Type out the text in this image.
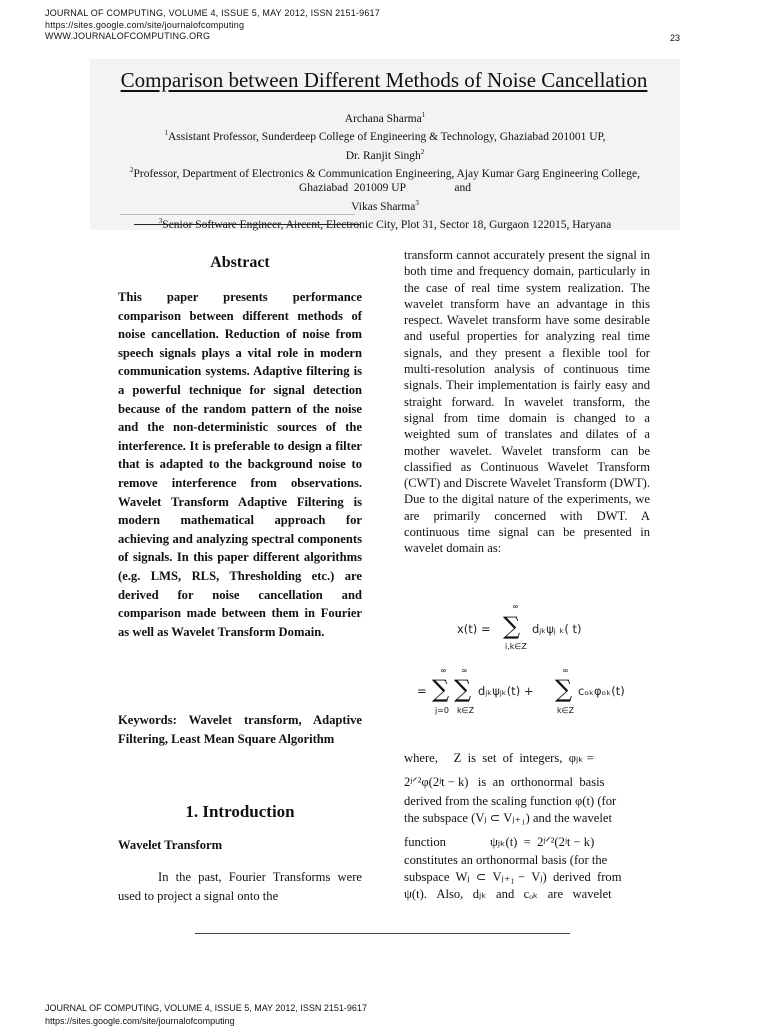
JOURNAL OF COMPUTING, VOLUME 4, ISSUE 5, MAY 2012, ISSN 2151-9617
https://sites.google.com/site/journalofcomputing
WWW.JOURNALOFCOMPUTING.ORG	23
Comparison between Different Methods of Noise Cancellation
Archana Sharma$^1$
$^1$Assistant Professor, Sunderdeep College of Engineering & Technology, Ghaziabad 201001 UP,
Dr. Ranjit Singh$^2$
$^2$Professor, Department of Electronics & Communication Engineering, Ajay Kumar Garg Engineering College,
Ghaziabad  201009 UP                 and
Vikas Sharma$^3$
$^3$Senior Software Engineer, Aircent, Electronic City, Plot 31, Sector 18, Gurgaon 122015, Haryana
Abstract
This paper presents performance comparison between different methods of noise cancellation. Reduction of noise from speech signals plays a vital role in modern communication systems. Adaptive filtering is a powerful technique for signal detection because of the random pattern of the noise and the non-deterministic sources of the interference. It is preferable to design a filter that is adapted to the background noise to remove interference from observations. Wavelet Transform Adaptive Filtering is modern mathematical approach for achieving and analyzing spectral components of signals. In this paper different algorithms (e.g. LMS, RLS, Thresholding etc.) are derived for noise cancellation and comparison made between them in Fourier as well as Wavelet Transform Domain.
Keywords: Wavelet transform, Adaptive Filtering, Least Mean Square Algorithm
1. Introduction
Wavelet Transform
In the past, Fourier Transforms were used to project a signal onto the
transform cannot accurately present the signal in both time and frequency domain, particularly in the case of real time system realization. The wavelet transform have an advantage in this respect. Wavelet transform have some desirable and useful properties for analyzing real time signals, and they present a flexible tool for multi-resolution analysis of continuous time signals. Their implementation is fairly easy and straight forward. In wavelet transform, the signal from time domain is changed to a weighted sum of translates and dilates of a mother wavelet. Wavelet transform can be classified as Continuous Wavelet Transform (CWT) and Discrete Wavelet Transform (DWT). Due to the digital nature of the experiments, we are primarily concerned with DWT. A continuous time signal can be presented in wavelet domain as:
x(t) =
∞
∑
i,k∈Z
dⱼₖψⱼ ₖ( t)
=
∞
∑
j=0
∞
∑
k∈Z
dⱼₖψⱼₖ(t) +
∞
∑
k∈Z
cₒₖφₒₖ(t)
where,     Z  is  set  of  integers,  φⱼₖ =
2ʲᐟ²φ(2ʲt − k)   is  an  orthonormal  basis
derived from the scaling function φ(t) (for
the subspace (Vⱼ ⊂ Vⱼ₊₁) and the wavelet
function              ψⱼₖ(t)  =  2ʲᐟ²(2ʲt − k)
constitutes an orthonormal basis (for the
subspace  Wⱼ  ⊂  Vⱼ₊₁ −  Vⱼ)  derived  from
ψ(t).   Also,   dⱼₖ   and   cₒₖ   are   wavelet
JOURNAL OF COMPUTING, VOLUME 4, ISSUE 5, MAY 2012, ISSN 2151-9617
https://sites.google.com/site/journalofcomputing
